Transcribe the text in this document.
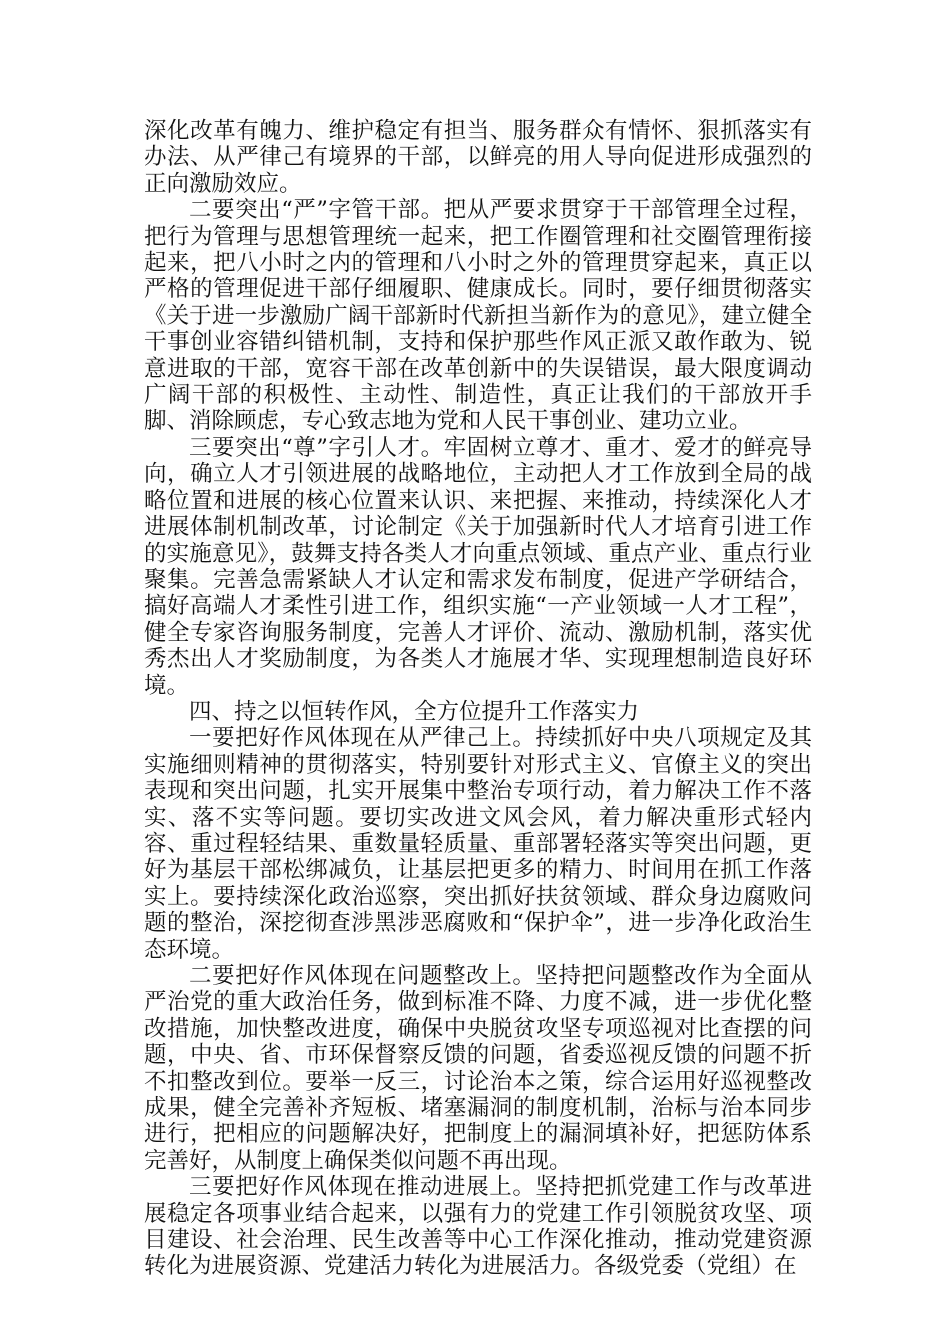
深化改革有魄力、维护稳定有担当、服务群众有情怀、狠抓落实有办法、从严律己有境界的干部，以鲜亮的用人导向促进形成强烈的正向激励效应。

二要突出“严”字管干部。把从严要求贯穿于干部管理全过程，把行为管理与思想管理统一起来，把工作圈管理和社交圈管理衔接起来，把八小时之内的管理和八小时之外的管理贯穿起来，真正以严格的管理促进干部仔细履职、健康成长。同时，要仔细贯彻落实《关于进一步激励广阔干部新时代新担当新作为的意见》，建立健全干事创业容错纠错机制，支持和保护那些作风正派又敢作敢为、锐意进取的干部，宽容干部在改革创新中的失误错误，最大限度调动广阔干部的积极性、主动性、制造性，真正让我们的干部放开手脚、消除顾虑，专心致志地为党和人民干事创业、建功立业。

三要突出“尊”字引人才。牢固树立尊才、重才、爱才的鲜亮导向，确立人才引领进展的战略地位，主动把人才工作放到全局的战略位置和进展的核心位置来认识、来把握、来推动，持续深化人才进展体制机制改革，讨论制定《关于加强新时代人才培育引进工作的实施意见》，鼓舞支持各类人才向重点领域、重点产业、重点行业聚集。完善急需紧缺人才认定和需求发布制度，促进产学研结合，搞好高端人才柔性引进工作，组织实施“一产业领域一人才工程”，健全专家咨询服务制度，完善人才评价、流动、激励机制，落实优秀杰出人才奖励制度，为各类人才施展才华、实现理想制造良好环境。

四、持之以恒转作风，全方位提升工作落实力

一要把好作风体现在从严律己上。持续抓好中央八项规定及其实施细则精神的贯彻落实，特别要针对形式主义、官僚主义的突出表现和突出问题，扎实开展集中整治专项行动，着力解决工作不落实、落不实等问题。要切实改进文风会风，着力解决重形式轻内容、重过程轻结果、重数量轻质量、重部署轻落实等突出问题，更好为基层干部松绑减负，让基层把更多的精力、时间用在抓工作落实上。要持续深化政治巡察，突出抓好扶贫领域、群众身边腐败问题的整治，深挖彻查涉黑涉恶腐败和“保护伞”，进一步净化政治生态环境。

二要把好作风体现在问题整改上。坚持把问题整改作为全面从严治党的重大政治任务，做到标准不降、力度不减，进一步优化整改措施，加快整改进度，确保中央脱贫攻坚专项巡视对比查摆的问题，中央、省、市环保督察反馈的问题，省委巡视反馈的问题不折不扣整改到位。要举一反三，讨论治本之策，综合运用好巡视整改成果，健全完善补齐短板、堵塞漏洞的制度机制，治标与治本同步进行，把相应的问题解决好，把制度上的漏洞填补好，把惩防体系完善好，从制度上确保类似问题不再出现。

三要把好作风体现在推动进展上。坚持把抓党建工作与改革进展稳定各项事业结合起来，以强有力的党建工作引领脱贫攻坚、项目建设、社会治理、民生改善等中心工作深化推动，推动党建资源转化为进展资源、党建活力转化为进展活力。各级党委（党组）在
